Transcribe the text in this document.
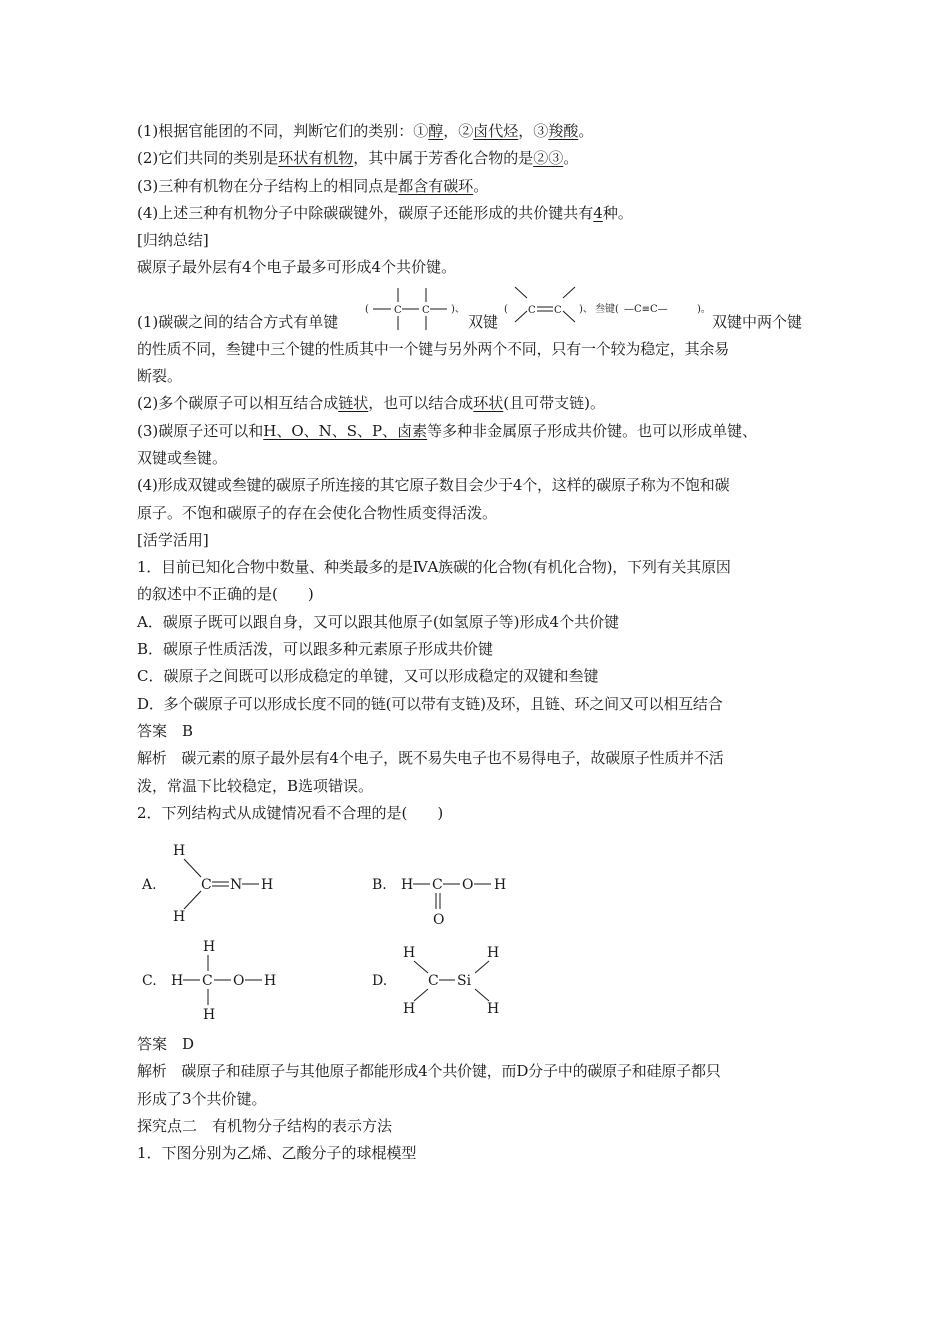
(1)根据官能团的不同，判断它们的类别：①醇，②卤代烃，③羧酸。
(2)它们共同的类别是环状有机物，其中属于芳香化合物的是②③。
(3)三种有机物在分子结构上的相同点是都含有碳环。
(4)上述三种有机物分子中除碳碳键外，碳原子还能形成的共价键共有4种。
[归纳总结]
碳原子最外层有4个电子最多可形成4个共价键。
(	C C )、	( C C )、 叁键( —C≡C—	)。
(1)碳碳之间的结合方式有单键	双键	双键中两个键
的性质不同，叁键中三个键的性质其中一个键与另外两个不同，只有一个较为稳定，其余易
断裂。
(2)多个碳原子可以相互结合成链状，也可以结合成环状(且可带支链)。
(3)碳原子还可以和H、O、N、S、P、卤素等多种非金属原子形成共价键。也可以形成单键、
双键或叁键。
(4)形成双键或叁键的碳原子所连接的其它原子数目会少于4个，这样的碳原子称为不饱和碳
原子。不饱和碳原子的存在会使化合物性质变得活泼。
[活学活用]
1．目前已知化合物中数量、种类最多的是ⅣA族碳的化合物(有机化合物)，下列有关其原因
的叙述中不正确的是(　　)
A．碳原子既可以跟自身，又可以跟其他原子(如氢原子等)形成4个共价键
B．碳原子性质活泼，可以跟多种元素原子形成共价键
C．碳原子之间既可以形成稳定的单键，又可以形成稳定的双键和叁键
D．多个碳原子可以形成长度不同的链(可以带有支链)及环，且链、环之间又可以相互结合
答案　B
解析　碳元素的原子最外层有4个电子，既不易失电子也不易得电子，故碳原子性质并不活
泼，常温下比较稳定，B选项错误。
2．下列结构式从成键情况看不合理的是(　　)
A.
H
C N H
H
B. H C O H
O
C.
H
H C O H
H
D.
H
C Si
H
H	H
答案　D
解析　碳原子和硅原子与其他原子都能形成4个共价键，而D分子中的碳原子和硅原子都只
形成了3个共价键。
探究点二　有机物分子结构的表示方法
1．下图分别为乙烯、乙酸分子的球棍模型
